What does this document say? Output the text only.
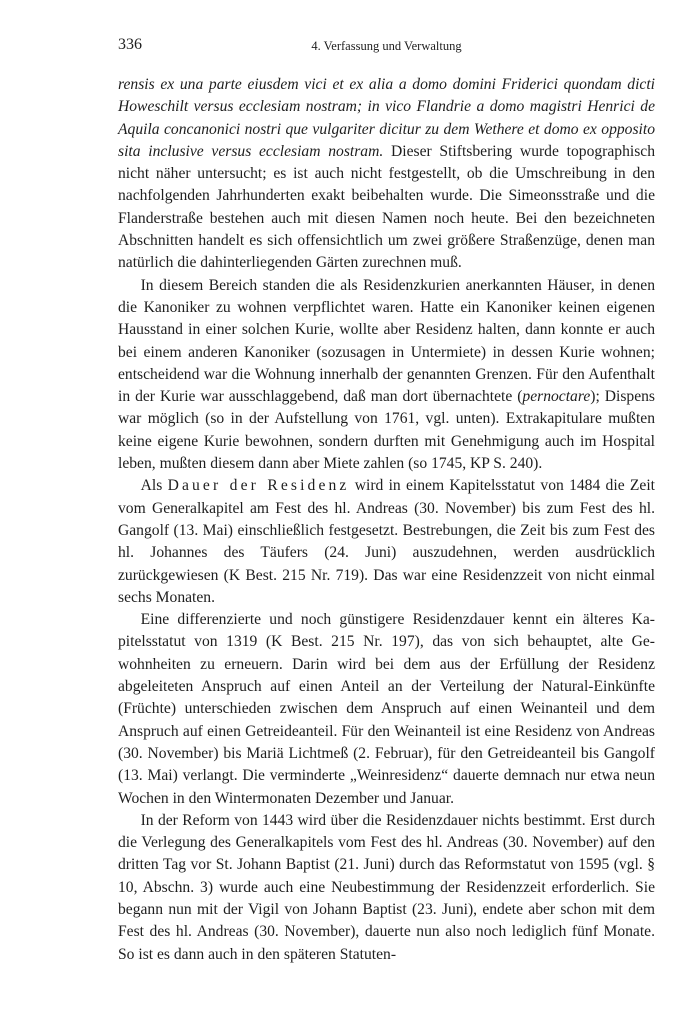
336	4. Verfassung und Verwaltung

rensis ex una parte eiusdem vici et ex alia a domo domini Friderici quondam dicti Howeschilt versus ecclesiam nostram; in vico Flandrie a domo magistri Henrici de Aquila concanonici nostri que vulgariter dicitur zu dem Wethere et domo ex opposito sita inclusive versus ecclesiam nostram. Dieser Stiftsbering wurde topographisch nicht näher untersucht; es ist auch nicht festgestellt, ob die Umschreibung in den nachfolgenden Jahrhunderten exakt beibehalten wurde. Die Simeonsstraße und die Flanderstraße bestehen auch mit diesen Namen noch heute. Bei den bezeichneten Abschnitten handelt es sich offensichtlich um zwei größere Straßenzüge, denen man natürlich die dahinterliegenden Gärten zurechnen muß.

In diesem Bereich standen die als Residenzkurien anerkannten Häuser, in denen die Kanoniker zu wohnen verpflichtet waren. Hatte ein Kanoniker keinen eigenen Hausstand in einer solchen Kurie, wollte aber Residenz halten, dann konnte er auch bei einem anderen Kanoniker (sozusagen in Untermiete) in dessen Kurie wohnen; entscheidend war die Wohnung innerhalb der genannten Grenzen. Für den Aufenthalt in der Kurie war ausschlaggebend, daß man dort übernachtete (pernoctare); Dispens war möglich (so in der Aufstellung von 1761, vgl. unten). Extrakapitulare mußten keine eigene Kurie bewohnen, sondern durften mit Genehmigung auch im Hospital leben, mußten diesem dann aber Miete zahlen (so 1745, KP S. 240).

Als Dauer der Residenz wird in einem Kapitelsstatut von 1484 die Zeit vom Generalkapitel am Fest des hl. Andreas (30. November) bis zum Fest des hl. Gangolf (13. Mai) einschließlich festgesetzt. Bestrebungen, die Zeit bis zum Fest des hl. Johannes des Täufers (24. Juni) auszudehnen, werden ausdrücklich zurückgewiesen (K Best. 215 Nr. 719). Das war eine Residenzzeit von nicht einmal sechs Monaten.

Eine differenzierte und noch günstigere Residenzdauer kennt ein älteres Kapitelsstatut von 1319 (K Best. 215 Nr. 197), das von sich behauptet, alte Gewohnheiten zu erneuern. Darin wird bei dem aus der Erfüllung der Residenz abgeleiteten Anspruch auf einen Anteil an der Verteilung der Natural-Einkünfte (Früchte) unterschieden zwischen dem Anspruch auf einen Weinanteil und dem Anspruch auf einen Getreideanteil. Für den Weinanteil ist eine Residenz von Andreas (30. November) bis Mariä Lichtmeß (2. Februar), für den Getreideanteil bis Gangolf (13. Mai) verlangt. Die verminderte „Weinresidenz“ dauerte demnach nur etwa neun Wochen in den Wintermonaten Dezember und Januar.

In der Reform von 1443 wird über die Residenzdauer nichts bestimmt. Erst durch die Verlegung des Generalkapitels vom Fest des hl. Andreas (30. November) auf den dritten Tag vor St. Johann Baptist (21. Juni) durch das Reformstatut von 1595 (vgl. § 10, Abschn. 3) wurde auch eine Neubestimmung der Residenzzeit erforderlich. Sie begann nun mit der Vigil von Johann Baptist (23. Juni), endete aber schon mit dem Fest des hl. Andreas (30. November), dauerte nun also noch lediglich fünf Monate. So ist es dann auch in den späteren Statuten-
